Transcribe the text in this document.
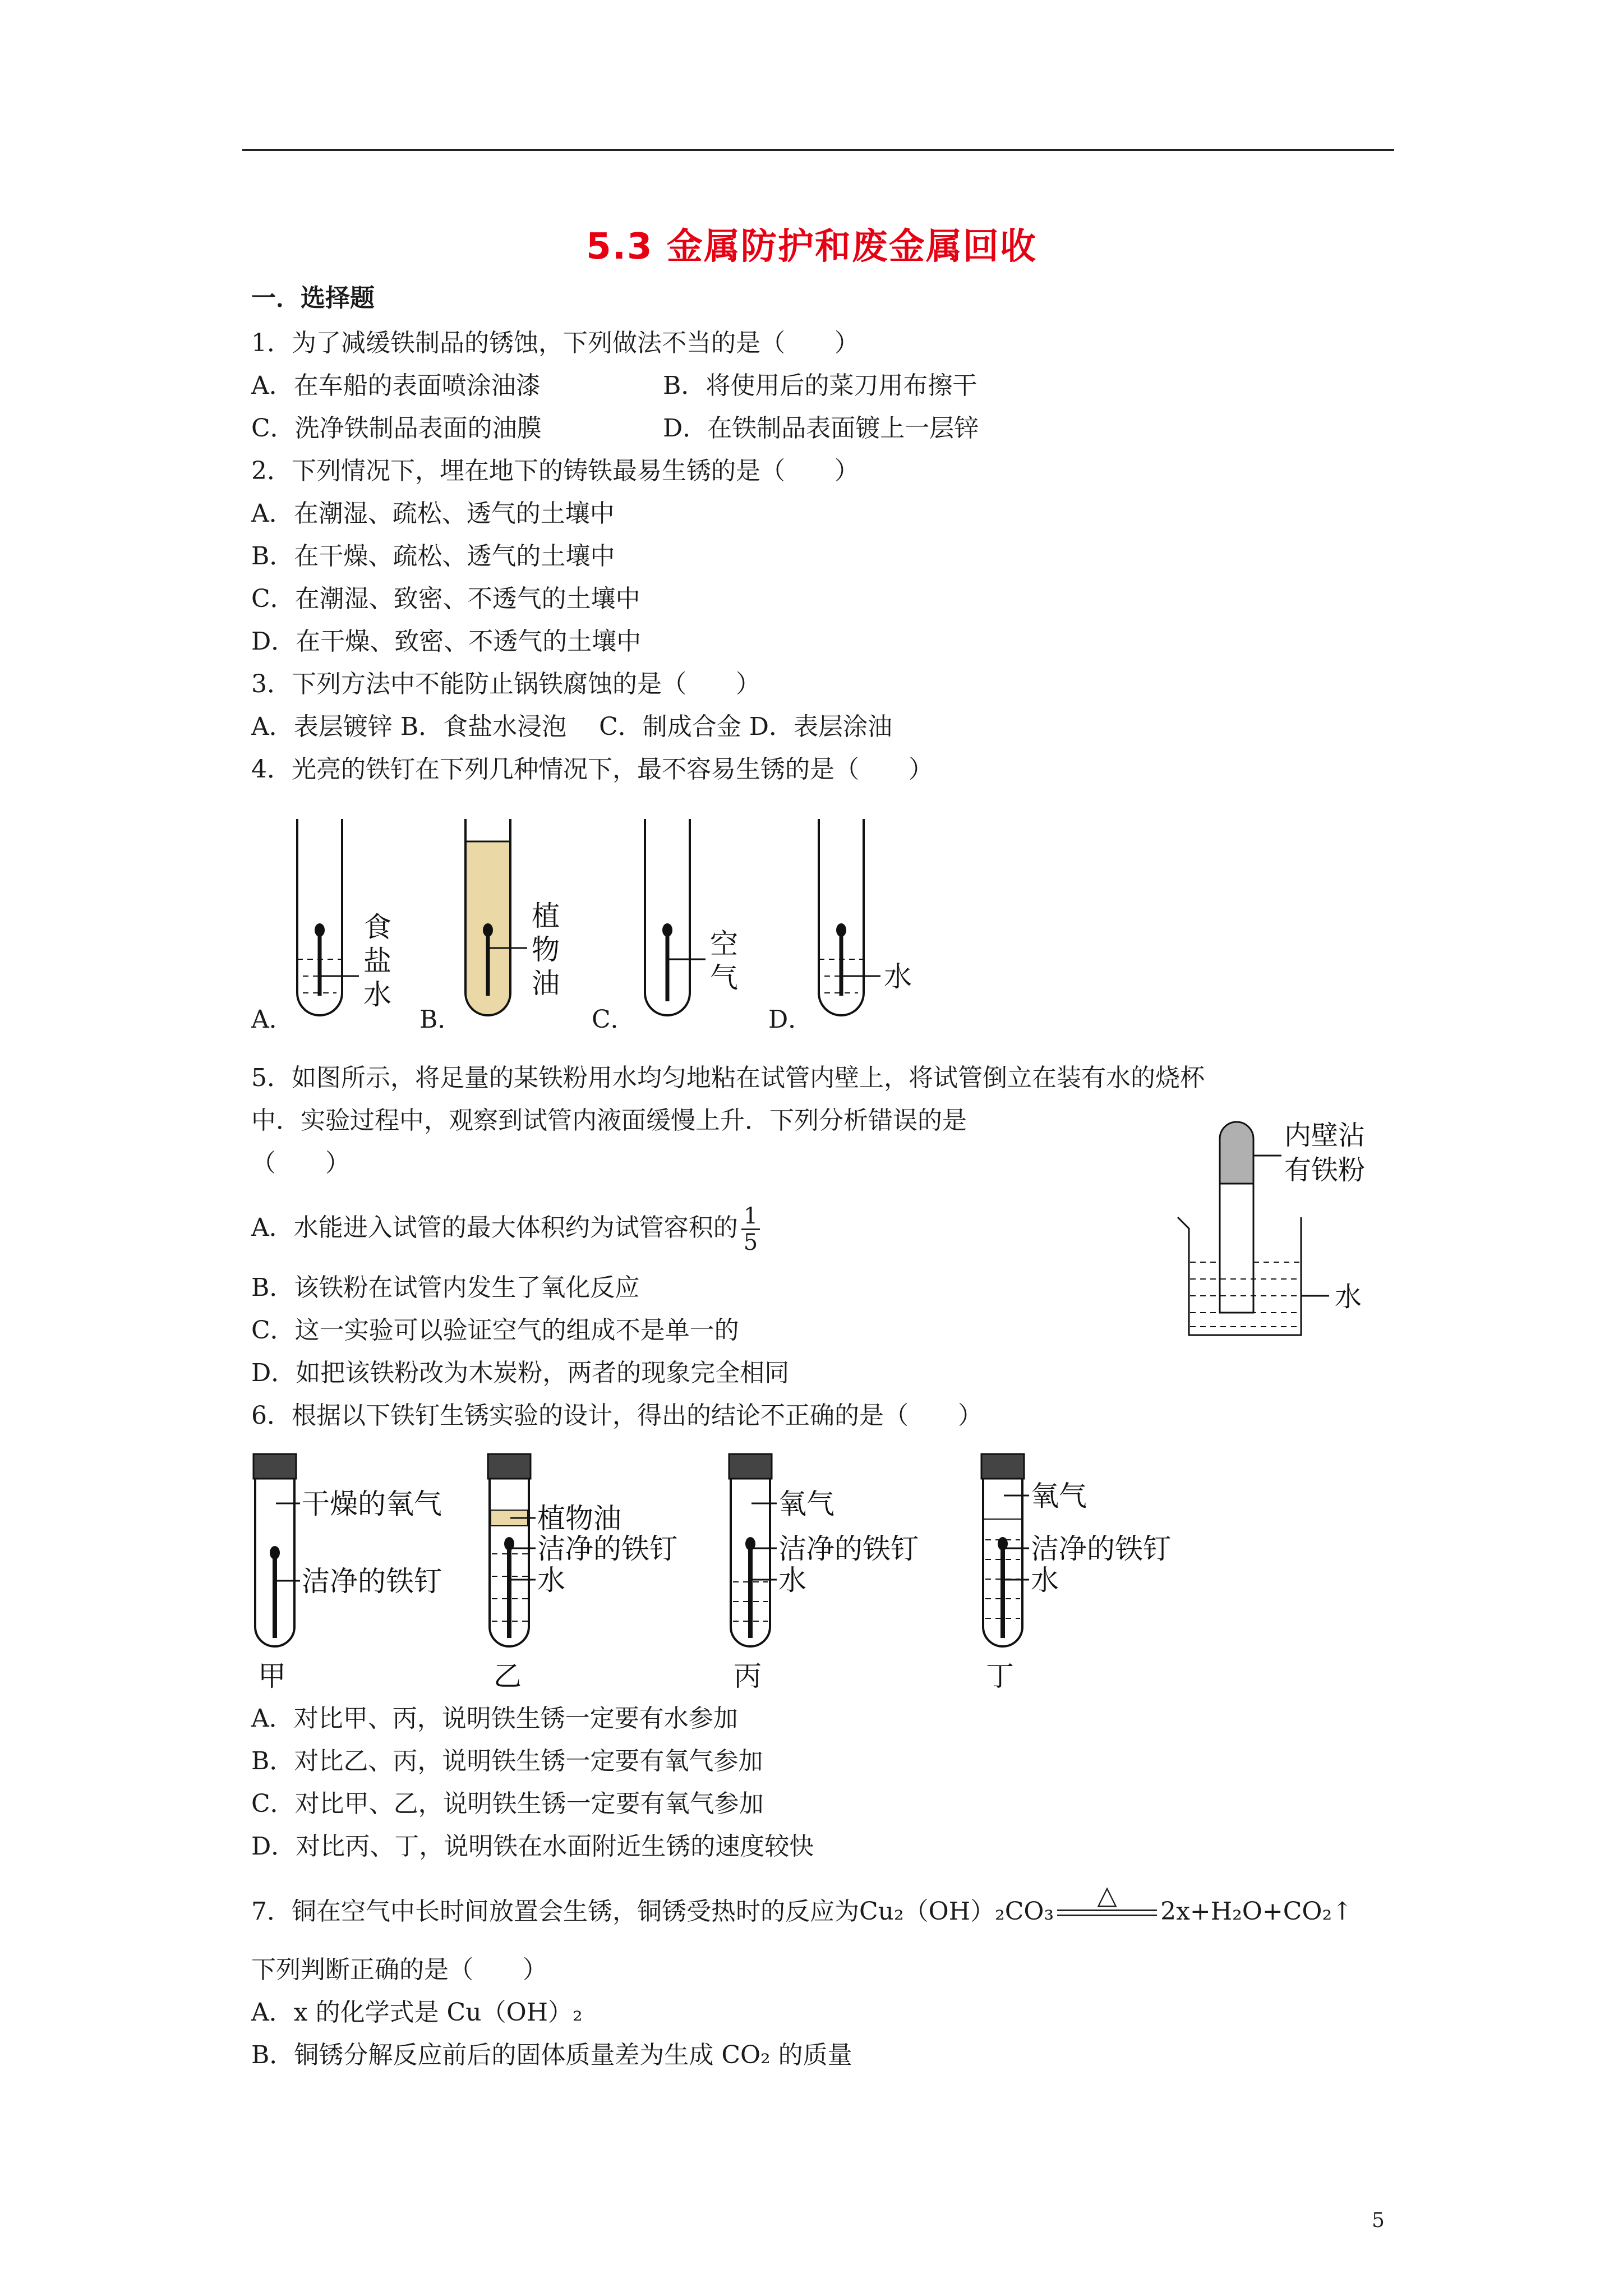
5.3 金属防护和废金属回收
一．选择题
1．为了减缓铁制品的锈蚀，下列做法不当的是（　　）
A．在车船的表面喷涂油漆	B．将使用后的菜刀用布擦干
C．洗净铁制品表面的油膜	D．在铁制品表面镀上一层锌
2．下列情况下，埋在地下的铸铁最易生锈的是（　　）
A．在潮湿、疏松、透气的土壤中
B．在干燥、疏松、透气的土壤中
C．在潮湿、致密、不透气的土壤中
D．在干燥、致密、不透气的土壤中
3．下列方法中不能防止锅铁腐蚀的是（　　）
A．表层镀锌 B．食盐水浸泡　 C．制成合金 D．表层涂油
4．光亮的铁钉在下列几种情况下，最不容易生锈的是（　　）
食
盐
水
植
物
油
空
气	水
A．	B．	C．	D．
5．如图所示，将足量的某铁粉用水均匀地粘在试管内壁上，将试管倒立在装有水的烧杯
中．实验过程中，观察到试管内液面缓慢上升．下列分析错误的是
（　　）
A．水能进入试管的最大体积约为试管容积的 $\frac{1}{5}$
B．该铁粉在试管内发生了氧化反应
C．这一实验可以验证空气的组成不是单一的
D．如把该铁粉改为木炭粉，两者的现象完全相同
内壁沾
有铁粉
水
6．根据以下铁钉生锈实验的设计，得出的结论不正确的是（　　）
干燥的氧气
洁净的铁钉
植物油
洁净的铁钉
水
氧气
洁净的铁钉
水
氧气
洁净的铁钉
水
甲	乙	丙	丁
A．对比甲、丙，说明铁生锈一定要有水参加
B．对比乙、丙，说明铁生锈一定要有氧气参加
C．对比甲、乙，说明铁生锈一定要有氧气参加
D．对比丙、丁，说明铁在水面附近生锈的速度较快
7．铜在空气中长时间放置会生锈，铜锈受热时的反应为Cu₂（OH）₂CO₃
△
2x+H₂O+CO₂↑
下列判断正确的是（　　）
A．x 的化学式是 Cu（OH）₂
B．铜锈分解反应前后的固体质量差为生成 CO₂ 的质量
5
